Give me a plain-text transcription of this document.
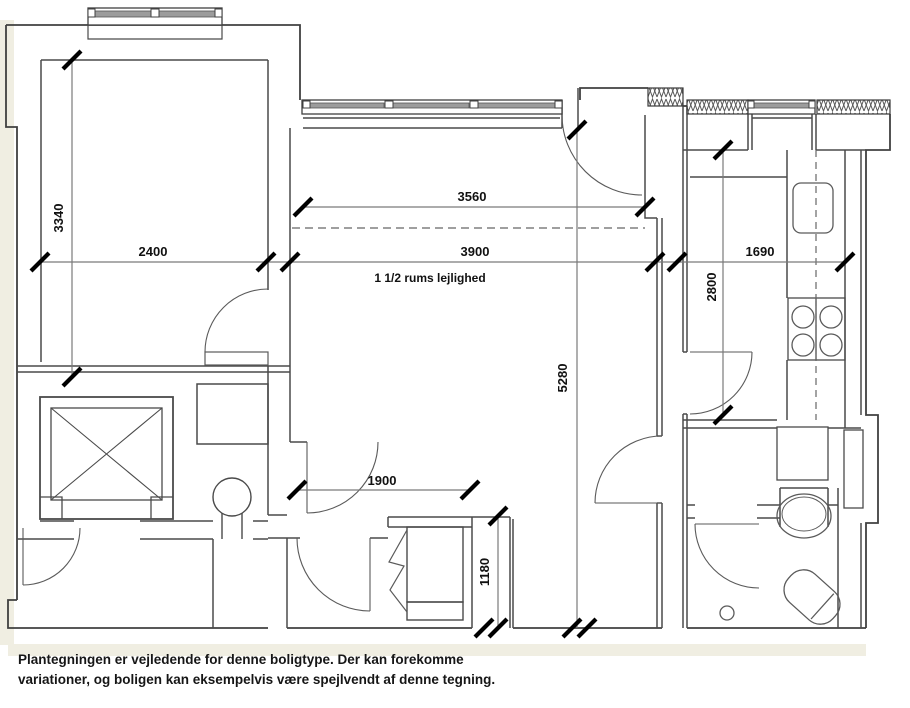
3340
2400
3560
3900	1690
2800
5280
1900
1180
1 1/2 rums lejlighed

Plantegningen er vejledende for denne boligtype. Der kan forekomme

variationer, og boligen kan eksempelvis være spejlvendt af denne tegning.
